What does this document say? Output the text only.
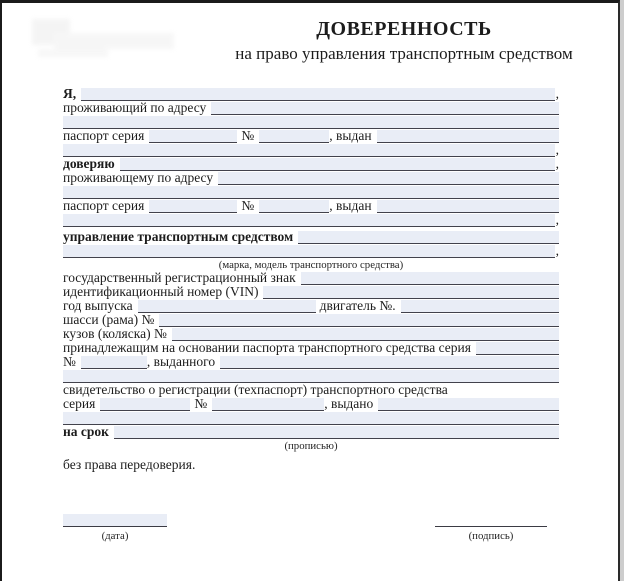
ДОВЕРЕННОСТЬ
на право управления транспортным средством
Я,	,
проживающий по адресу
паспорт серия	№	, выдан
,
доверяю	,
проживающему по адресу
паспорт серия	№	, выдан
,
управление транспортным средством
,
(марка, модель транспортного средства)
государственный регистрационный знак
идентификационный номер (VIN)
год выпуска	двигатель №.
шасси (рама) №
кузов (коляска) №
принадлежащим на основании паспорта транспортного средства серия
№	, выданного
свидетельство о регистрации (техпаспорт) транспортного средства
серия	№	, выдано
на срок
(прописью)
без права передоверия.
(дата)	(подпись)
